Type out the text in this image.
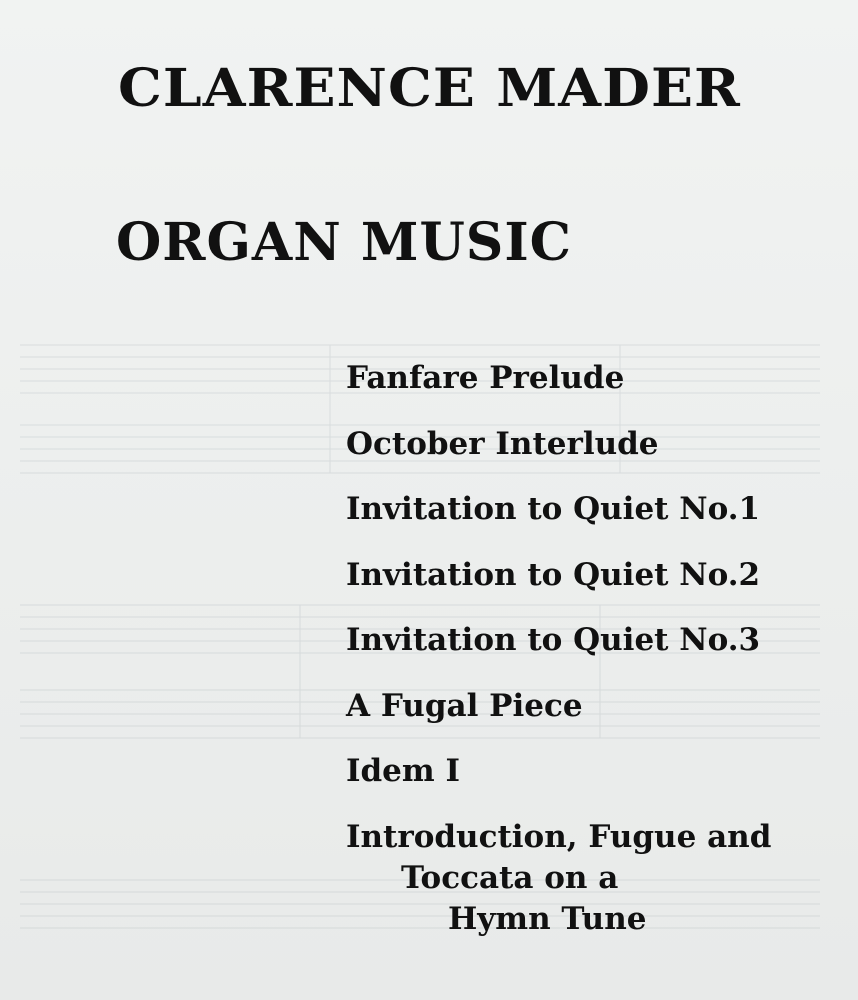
CLARENCE MADER
ORGAN MUSIC
Fanfare Prelude
October Interlude
Invitation to Quiet No.1
Invitation to Quiet No.2
Invitation to Quiet No.3
A Fugal Piece
Idem I
Introduction, Fugue and
Toccata on a
Hymn Tune
